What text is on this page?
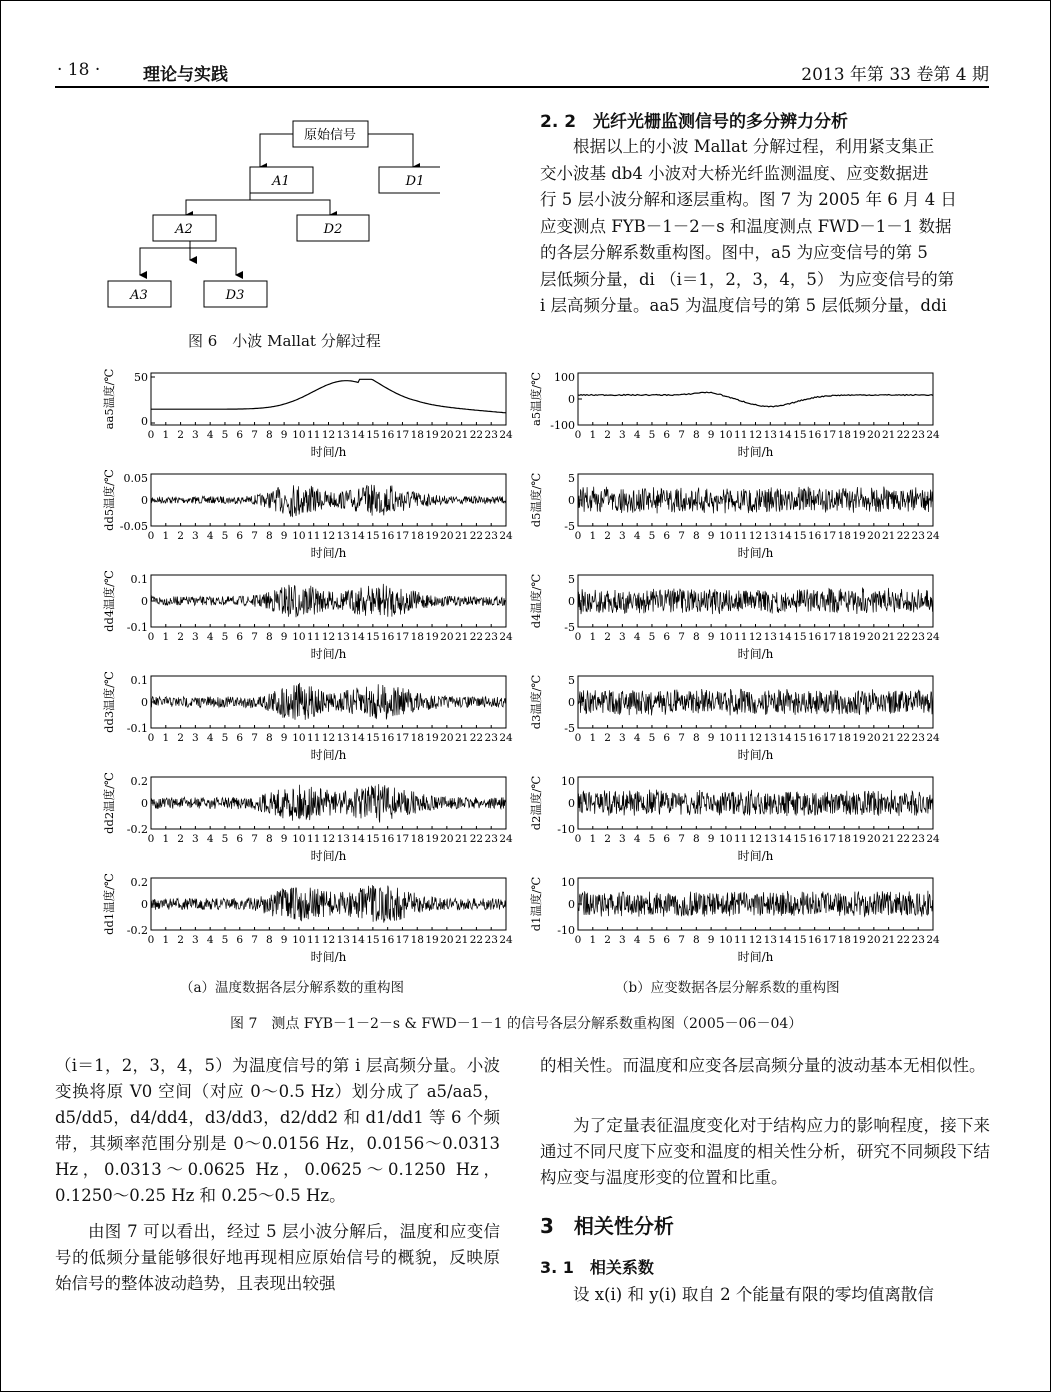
· 18 ·	理论与实践	2013 年第 33 卷第 4 期
原始信号
A1	D1
A2	D2
A3	D3
图 6　小波 Mallat 分解过程
2. 2　光纤光栅监测信号的多分辨力分析
根据以上的小波 Mallat 分解过程，利用紧支集正
交小波基 db4 小波对大桥光纤监测温度、应变数据进
行 5 层小波分解和逐层重构。图 7 为 2005 年 6 月 4 日
应变测点 FYB－1－2－s 和温度测点 FWD－1－1 数据
的各层分解系数重构图。图中，a5 为应变信号的第 5
层低频分量，di （i＝1，2，3，4，5） 为应变信号的第
i 层高频分量。aa5 为温度信号的第 5 层低频分量，ddi
50
0
aa5温度/℃
0 1 2 3 4 5 6 7 8 9 10 11 12 13 14 15 16 17 18 19 20 21 22 23 24
时间/h
0.05
0
-0.05
dd5温度/℃
0 1 2 3 4 5 6 7 8 9 10 11 12 13 14 15 16 17 18 19 20 21 22 23 24
时间/h
0.1
0
-0.1
dd4温度/℃
0 1 2 3 4 5 6 7 8 9 10 11 12 13 14 15 16 17 18 19 20 21 22 23 24
时间/h
0.1
0
-0.1
dd3温度/℃
0 1 2 3 4 5 6 7 8 9 10 11 12 13 14 15 16 17 18 19 20 21 22 23 24
时间/h
0.2
0
-0.2
dd2温度/℃
0 1 2 3 4 5 6 7 8 9 10 11 12 13 14 15 16 17 18 19 20 21 22 23 24
时间/h
0.2
0
-0.2
dd1温度/℃
0 1 2 3 4 5 6 7 8 9 10 11 12 13 14 15 16 17 18 19 20 21 22 23 24
时间/h
100
0
-100
a5温度/℃
0 1 2 3 4 5 6 7 8 9 10 11 12 13 14 15 16 17 18 19 20 21 22 23 24
时间/h
5
0
-5
d5温度/℃
0 1 2 3 4 5 6 7 8 9 10 11 12 13 14 15 16 17 18 19 20 21 22 23 24
时间/h
5
0
-5
d4温度/℃
0 1 2 3 4 5 6 7 8 9 10 11 12 13 14 15 16 17 18 19 20 21 22 23 24
时间/h
5
0
-5
d3温度/℃
0 1 2 3 4 5 6 7 8 9 10 11 12 13 14 15 16 17 18 19 20 21 22 23 24
时间/h
10
0
-10
d2温度/℃
0 1 2 3 4 5 6 7 8 9 10 11 12 13 14 15 16 17 18 19 20 21 22 23 24
时间/h
10
0
-10
d1温度/℃
0 1 2 3 4 5 6 7 8 9 10 11 12 13 14 15 16 17 18 19 20 21 22 23 24
时间/h
（a）温度数据各层分解系数的重构图	（b）应变数据各层分解系数的重构图
图 7　测点 FYB－1－2－s & FWD－1－1 的信号各层分解系数重构图（2005－06－04）

（i＝1，2，3，4，5）为温度信号的第 i 层高频分量。小波变换将原 V0 空间（对应 0～0.5 Hz）划分成了 a5/aa5，d5/dd5，d4/dd4，d3/dd3，d2/dd2 和 d1/dd1 等 6 个频带，其频率范围分别是 0～0.0156 Hz，0.0156～0.0313 Hz，0.0313～0.0625 Hz，0.0625～0.1250 Hz，0.1250～0.25 Hz 和 0.25～0.5 Hz。

由图 7 可以看出，经过 5 层小波分解后，温度和应变信号的低频分量能够很好地再现相应原始信号的概貌，反映原始信号的整体波动趋势，且表现出较强

的相关性。而温度和应变各层高频分量的波动基本无相似性。

为了定量表征温度变化对于结构应力的影响程度，接下来通过不同尺度下应变和温度的相关性分析，研究不同频段下结构应变与温度形变的位置和比重。

3　相关性分析
3. 1　相关系数

设 x(i) 和 y(i) 取自 2 个能量有限的零均值离散信
